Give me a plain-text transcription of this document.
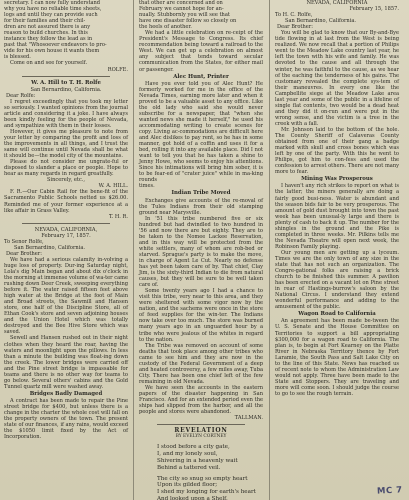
secretary. I can now fully understand

why you have no reliable time sheets,

logs and until they can provide such

for their families and their chil-

dren are not assured there is any

reason to build churches. In this

instance they follow the lead as in

past that "Whosoever endeavors to pro-

vide for his own house it wants them

is blessed.

Come on and see for yourself.

ROLFE.

W. A. Hill to T. H. Rolfe

San Bernardino, California.

Dear Rolfe:

I regret exceedingly that you took my letter so seriously. I wanted opinions from the journal article and considering it a joke. I have always been kindly feeling for the people of Nevada, and sympathize with them in their losses.

However, it gives me pleasure to note from your letter by comparing the profit and loss of the improvements in all things, and I trust the same will continue until Nevada shall be what it should be—the model city of the mountains.

Please do not consider me ungrate-ful or disposed to slander a place or people. Hope to hear as many regards in regard greatfully.

Sincerely, etc.,

W. A. HILL.

F. R.—Our Cabin Rail for the bene-fit of the Sacramento Public Schools netted us $26.00. Reminded me of your former experience at a like affair in Grass Valley.

T. H. R.

NEVADA, CALIFORNIA,

February 17, 1857.

To Senor Rolfe,

San Bernardino, California.

Dear Brother:

We have had a serious calamity in-volving a huge loss of property. Dur-ing Saturday night, Lola's dig Main began and about dix o'clock in the morning at immense volume of wa-ter came rushing down Deer Creek, sweeping everything before it. The water raised fifteen feet above high water at the Bridge at the foot of Main and Broad streets, the Sawmill and Hansen store, one half of the Discipline Store, all of Ethan Cook's store and seven adjoining houses and the Union Hotel which was totally destroyed and the Bee Hive Store which was saved.

Sewell and Hansen rushed out in their night clothes when they heard the roar, having the waters and moonlight upon the pillows. In less than a minute the building was float-ing down the creek. The lower bridges were carried off and the Pine street bridge is impassable for teams and there is no other way for teams to go below. Several others' cabins and the Gold Tunnel quartz mill were washed away.

Bridges Badly Damaged

A contract has been made to repair the Pine street bridge for $400, but unless there is a change in the charter the whole cost will fall on the property owners of the town. The present state of our finances, if any rains, would exceed the $1050 limit fixed by the Act of Incorporation.

that other are concerned and on

February we cannot hope for an-

nually. Stubbornly you will see that

have one disaster follow so closely on

the heels of another.

We had a little celebration on re-ceipt of the President's Message to Congress. Its chief recommendation being toward a railroad to the West. We can get up a celebration on almost any subject that tends toward secular communication from the States, for either mail or passenger.

Alec Hunt, Printer

Have you ever told you of Alec Hunt? He formerly worked for me in the office of the Nevada Times, earning more later and when it proved to be a valuable asset to any office. Like the old lady who said she would never subscribe for a newspaper, that "when she wanted news she made it herself," he used his accommodating writing to create scenes for copy. Living ac-commodations are difficult here and Alec dislikes to pay rent, so he has in some manner, got hold of a coffin and uses it for a bed, rolling it into any available place. Did I not want to tell you that he has taken a shine to Jenny Howe, who seems to enjoy his attentions. Since his intimations will bring him sober, it is to be fear-ed of "crater juice" while in ma-king rounds

times.

Indian Tribe Moved

Exchanges give accounts of the re-moval of the Tules Indians from their old stamping ground near Marysville.

In '51 this tribe numbered five or six hundred but had dwindled to two hundred in '56 and now there are but eighty. They are to be taken to the Nomee Lackee Reservation, and in this way will be protected from the white settlers, many of whom are rob-bed or starved. Sprague's party is to make the move, in charge of Agent Le Cut. Nearly no defense has yet been taken care of by. That chief, Clay Jim, is the sixty-third Indian to die from natural causes, but they will be sure to be well taken care of.

Some twenty years ago I had a chance to visit this tribe, very near to this area, and they were sheltered with some vigor now by the nation, and the sachems were once in the store of feed supplies for the win-ter. The Indians now take over too much. The store was burned many years ago in an unguarded hour by a tribe who were jealous of the whites in regard to the nation.

The Tribe was removed on account of some deaths that took place among other tribes who came to see him and they are now in the custody of the Federal Government of a deep and heated controversy, a few miles away, Tuba City. There has been one chief left of the few remaining in old Nevada.

We have seen the accounts in the eastern papers of the disaster happening in San Francisco. And for an extended period even the ships had slipped from the harbor, and all the people and stores were abandoned.

TALLMAN.

REVELATION

BY EVELYN CORTNEY

I stood before a city gate,

I, and my lonely soul,

Shivering in a heavenly wait

Behind a tattered veil.

The city so snug so empty heart

Upon its gilded floor;

I shed my longing for earth's heart

And looked upon a Shelf.

NEVADA, CALIFORNIA

February 15, 1857.

To H. C. Rolfe,

San Bernardino, California.

Dear Brother:

You will be glad to know that our By-and-Bye tide flowing in at last from the West is being realized. We now recall that a portion of Philips went to the Meadow Lake country last year, he left the town with his wife and family. He was devoted to the cause and all through the winter, he was faithful to the cause, as we hear of the eaching the tenderness of his gains. The customary revealed the complete sys-tem of their maneuvres. In every one like the Campbellite siege at the Meadow Lake area last year and some of the public in a lifeline of single flat contents, two would be a dead heat and they did it on-run and were put in the wrong sense, and the victim is a tree in the creek with a fall.

Mr. Johnson laid to the bottom of the hole. The County Sheriff of Calaveras County obtained from one of their gang a badge marked with skull and cross bones which was left by one of the party. With this he went to Philips, got him to con-fess and used the confession to arrest others. There are not many more to fear.

Mining Was Prosperous

I haven't any rich strikes to report on what is the latter; the miners generally are doing a fairly good busi-ness. Water is abundant and the season bids fair to be very prosperous. The amount of gold dust brought into town the past week has been unusual-ly large and there is plenty of cash to back it up. The number for the shingles in the ground and the Pike is completed in three weeks. Mr. Pilkins tells me the Nevada Theatre will open next week, the Robinson Family playing.

Our young men are getting up a lyceum. Times we are the only town of any size in the state that has not such an organization. The Congre-gational folks are raising a brick church to be finished this summer. A pavilion has been erected on a vacant lot on Pine street in rear of Hastings-burrow's saloon by the National Circus. I understand they extend wonderful performance and adding to the amusement of the public.

Wagon Road to California

An agreement has been made be-tween the U. S. Senate and the House Committee on Territories to support a bill appropriating $300,000 for a wagon road to California. The plan is, to begin at Fort Kearney on the Platte River in Nebraska Territory thence by Fort Laramie, the South Pass and Salt Lake City on to the line of this State. News has reached us of recent note to whom the Administration Law would not apply. Three have been made to the State and Stoppers. They are traveling and more will come soon. I should judge the course to go to see the rough terrain.

MC 7
